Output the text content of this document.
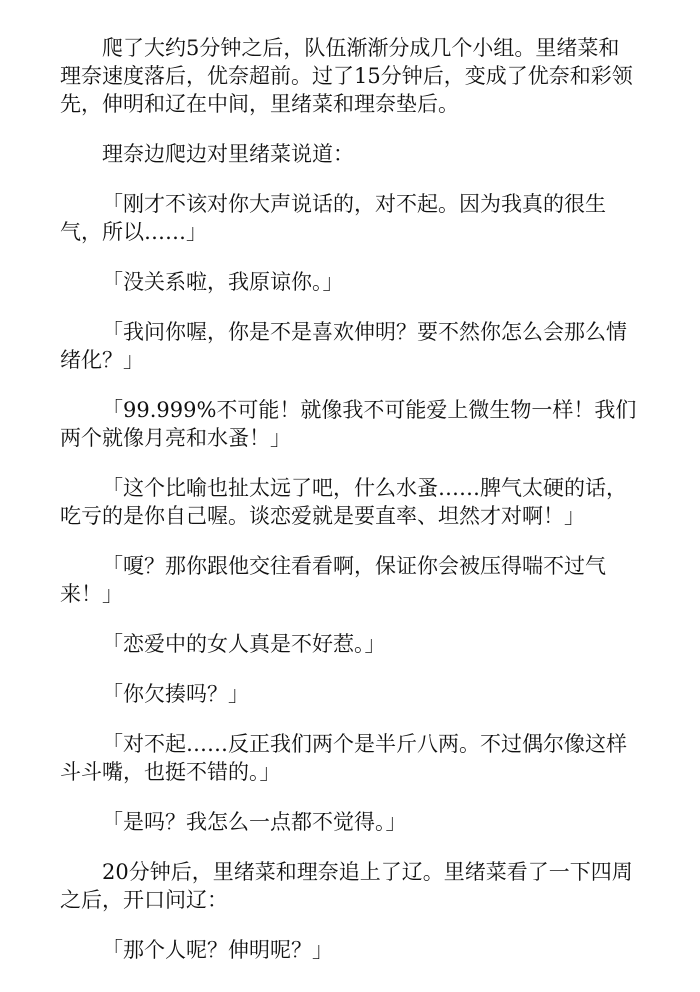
爬了大约5分钟之后，队伍渐渐分成几个小组。里绪菜和理奈速度落后，优奈超前。过了15分钟后，变成了优奈和彩领先，伸明和辽在中间，里绪菜和理奈垫后。

理奈边爬边对里绪菜说道：

「刚才不该对你大声说话的，对不起。因为我真的很生气，所以……」

「没关系啦，我原谅你。」

「我问你喔，你是不是喜欢伸明？要不然你怎么会那么情绪化？」

「99.999%不可能！就像我不可能爱上微生物一样！我们两个就像月亮和水蚤！」

「这个比喻也扯太远了吧，什么水蚤……脾气太硬的话，吃亏的是你自己喔。谈恋爱就是要直率、坦然才对啊！」

「嗄？那你跟他交往看看啊，保证你会被压得喘不过气来！」

「恋爱中的女人真是不好惹。」

「你欠揍吗？」

「对不起……反正我们两个是半斤八两。不过偶尔像这样斗斗嘴，也挺不错的。」

「是吗？我怎么一点都不觉得。」

20分钟后，里绪菜和理奈追上了辽。里绪菜看了一下四周之后，开口问辽：

「那个人呢？伸明呢？」
